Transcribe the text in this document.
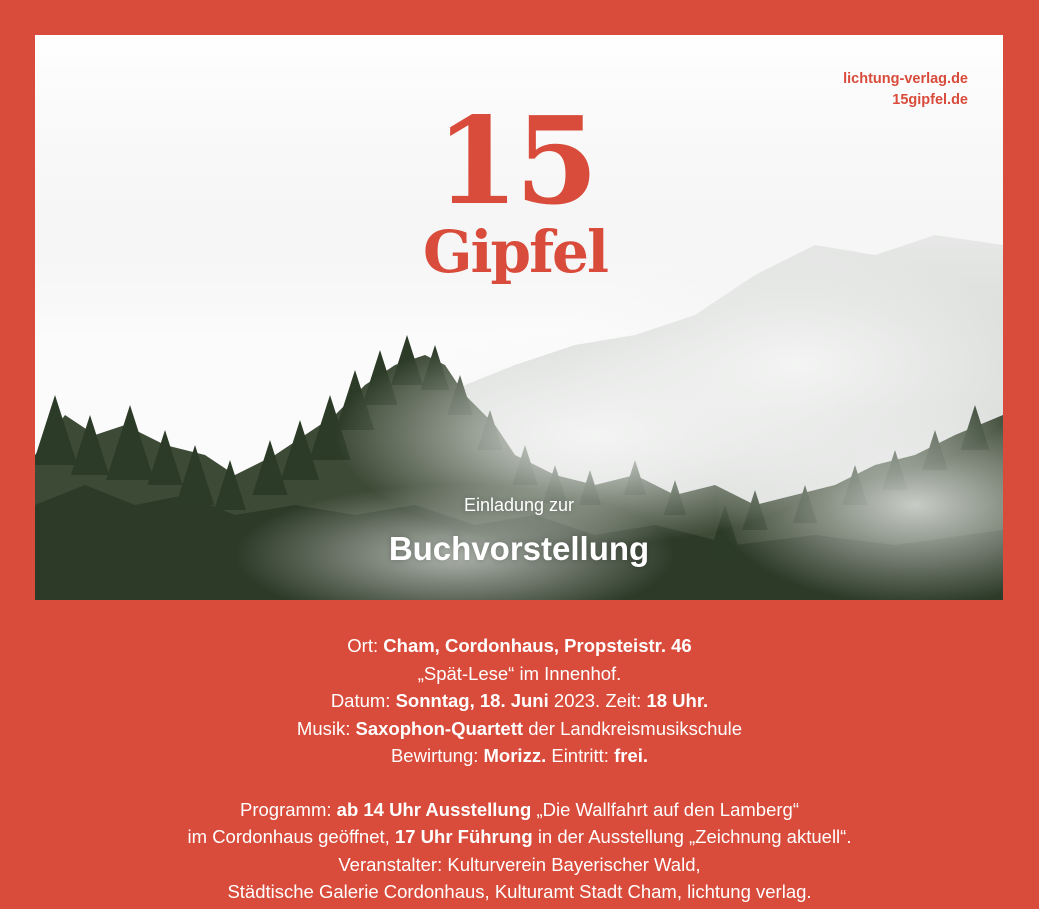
lichtung-verlag.de
15gipfel.de
15
Gipfel
Einladung zur
Buchvorstellung
Ort: Cham, Cordonhaus, Propsteistr. 46
„Spät-Lese“ im Innenhof.
Datum: Sonntag, 18. Juni 2023. Zeit: 18 Uhr.
Musik: Saxophon-Quartett der Landkreismusikschule
Bewirtung: Morizz. Eintritt: frei.
Programm: ab 14 Uhr Ausstellung „Die Wallfahrt auf den Lamberg“
im Cordonhaus geöffnet, 17 Uhr Führung in der Ausstellung „Zeichnung aktuell“.
Veranstalter: Kulturverein Bayerischer Wald,
Städtische Galerie Cordonhaus, Kulturamt Stadt Cham, lichtung verlag.
